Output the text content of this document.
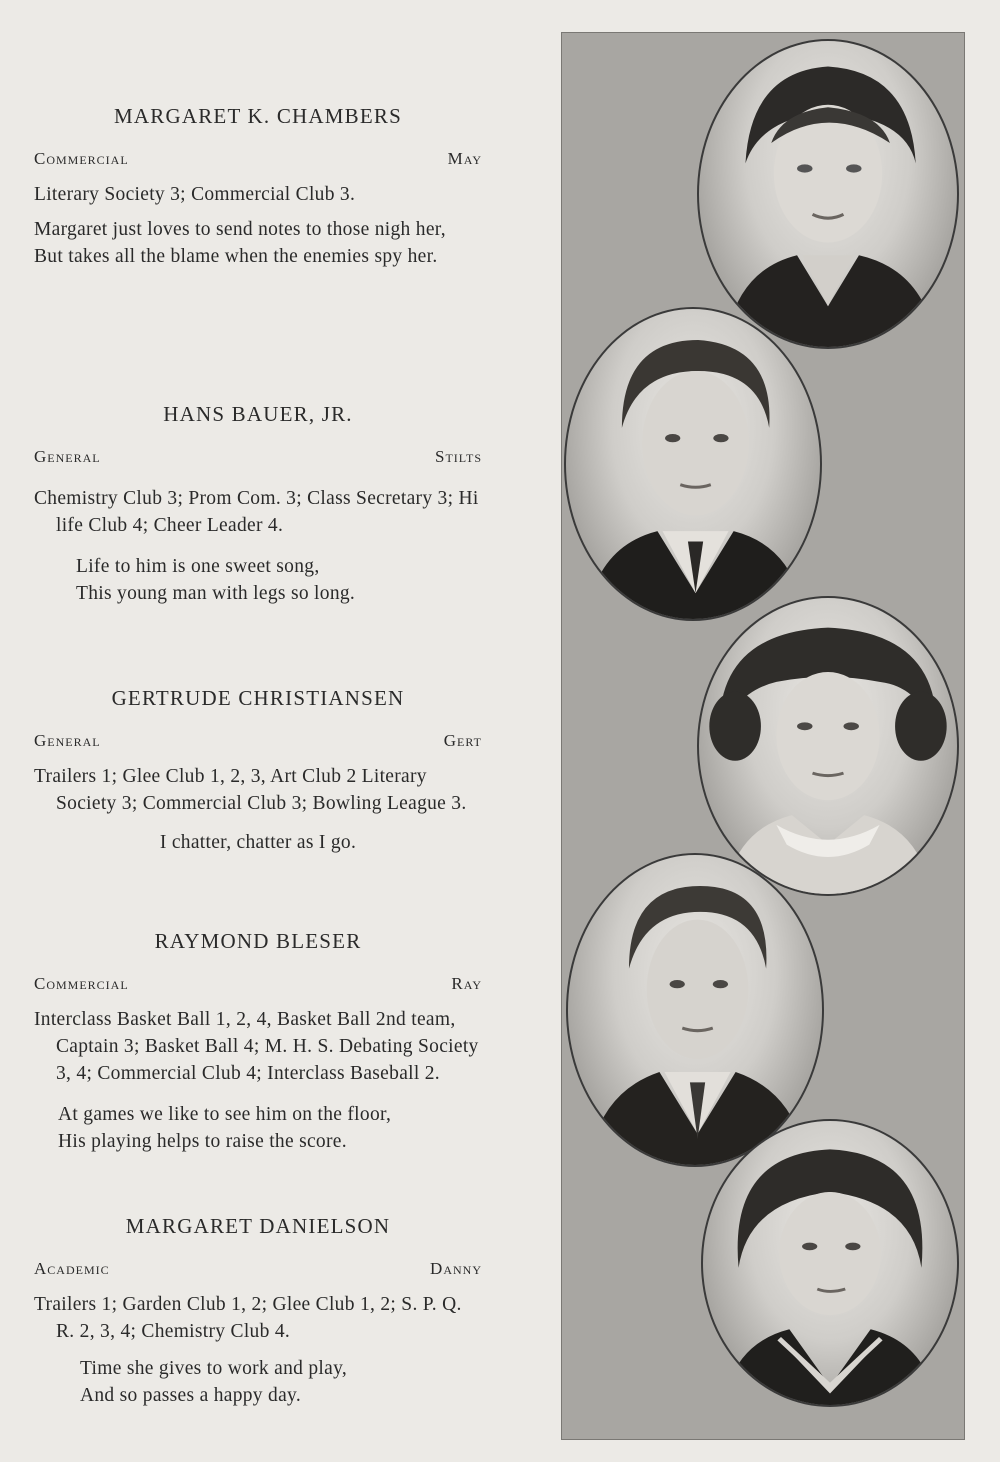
MARGARET K. CHAMBERS
Commercial	May
Literary Society 3; Commercial Club 3.
Margaret just loves to send notes to those nigh her,
But takes all the blame when the enemies spy her.
HANS BAUER, JR.
General	Stilts
Chemistry Club 3; Prom Com. 3; Class Secretary 3; Hi life Club 4; Cheer Leader 4.
Life to him is one sweet song,
This young man with legs so long.
GERTRUDE CHRISTIANSEN
General	Gert
Trailers 1; Glee Club 1, 2, 3, Art Club 2 Literary Society 3; Commercial Club 3; Bowling League 3.
I chatter, chatter as I go.
RAYMOND BLESER
Commercial	Ray
Interclass Basket Ball 1, 2, 4, Basket Ball 2nd team, Captain 3; Basket Ball 4; M. H. S. Debating Society 3, 4; Commercial Club 4; Interclass Baseball 2.
At games we like to see him on the floor,
His playing helps to raise the score.
MARGARET DANIELSON
Academic	Danny
Trailers 1; Garden Club 1, 2; Glee Club 1, 2; S. P. Q. R. 2, 3, 4; Chemistry Club 4.
Time she gives to work and play,
And so passes a happy day.
